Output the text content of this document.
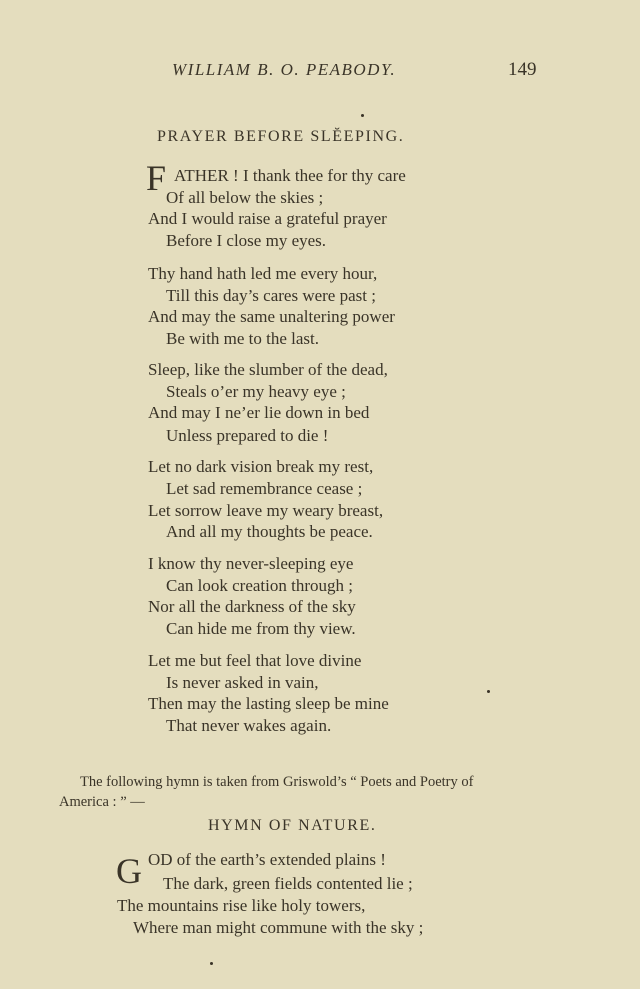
WILLIAM B. O. PEABODY.	149
PRAYER BEFORE SLĔEPING.
F ATHER ! I thank thee for thy care
Of all below the skies ;
And I would raise a grateful prayer
Before I close my eyes.
Thy hand hath led me every hour,
Till this day’s cares were past ;
And may the same unaltering power
Be with me to the last.
Sleep, like the slumber of the dead,
Steals o’er my heavy eye ;
And may I ne’er lie down in bed
Unless prepared to die !
Let no dark vision break my rest,
Let sad remembrance cease ;
Let sorrow leave my weary breast,
And all my thoughts be peace.
I know thy never-sleeping eye
Can look creation through ;
Nor all the darkness of the sky
Can hide me from thy view.
Let me but feel that love divine
Is never asked in vain,
Then may the lasting sleep be mine
That never wakes again.
The following hymn is taken from Griswold’s “ Poets and Poetry of
America : ” —
HYMN OF NATURE.
G OD of the earth’s extended plains !
The dark, green fields contented lie ;
The mountains rise like holy towers,
Where man might commune with the sky ;
